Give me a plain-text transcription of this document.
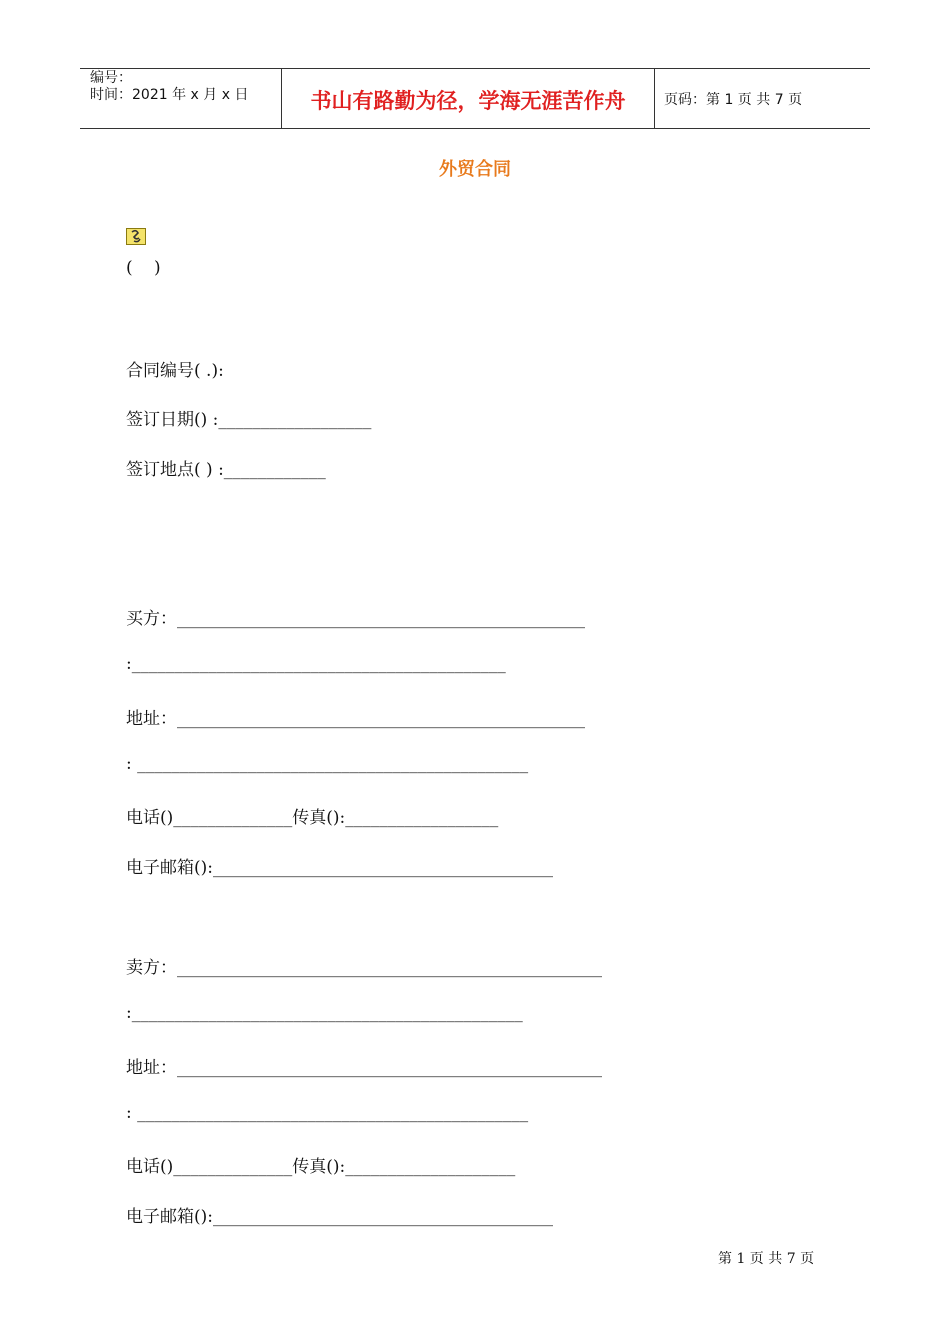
编号：
时间：2021 年 x 月 x 日	书山有路勤为径，学海无涯苦作舟	页码：第 1 页 共 7 页
外贸合同
( )
合同编号( .):
签订日期() :__________________
签订地点( ) :____________
买方：________________________________________________
:____________________________________________
地址：________________________________________________
: ______________________________________________
电话()______________传真():__________________
电子邮箱():________________________________________
卖方：__________________________________________________
:______________________________________________
地址：__________________________________________________
: ______________________________________________
电话()______________传真():____________________
电子邮箱():________________________________________
第 1 页 共 7 页
